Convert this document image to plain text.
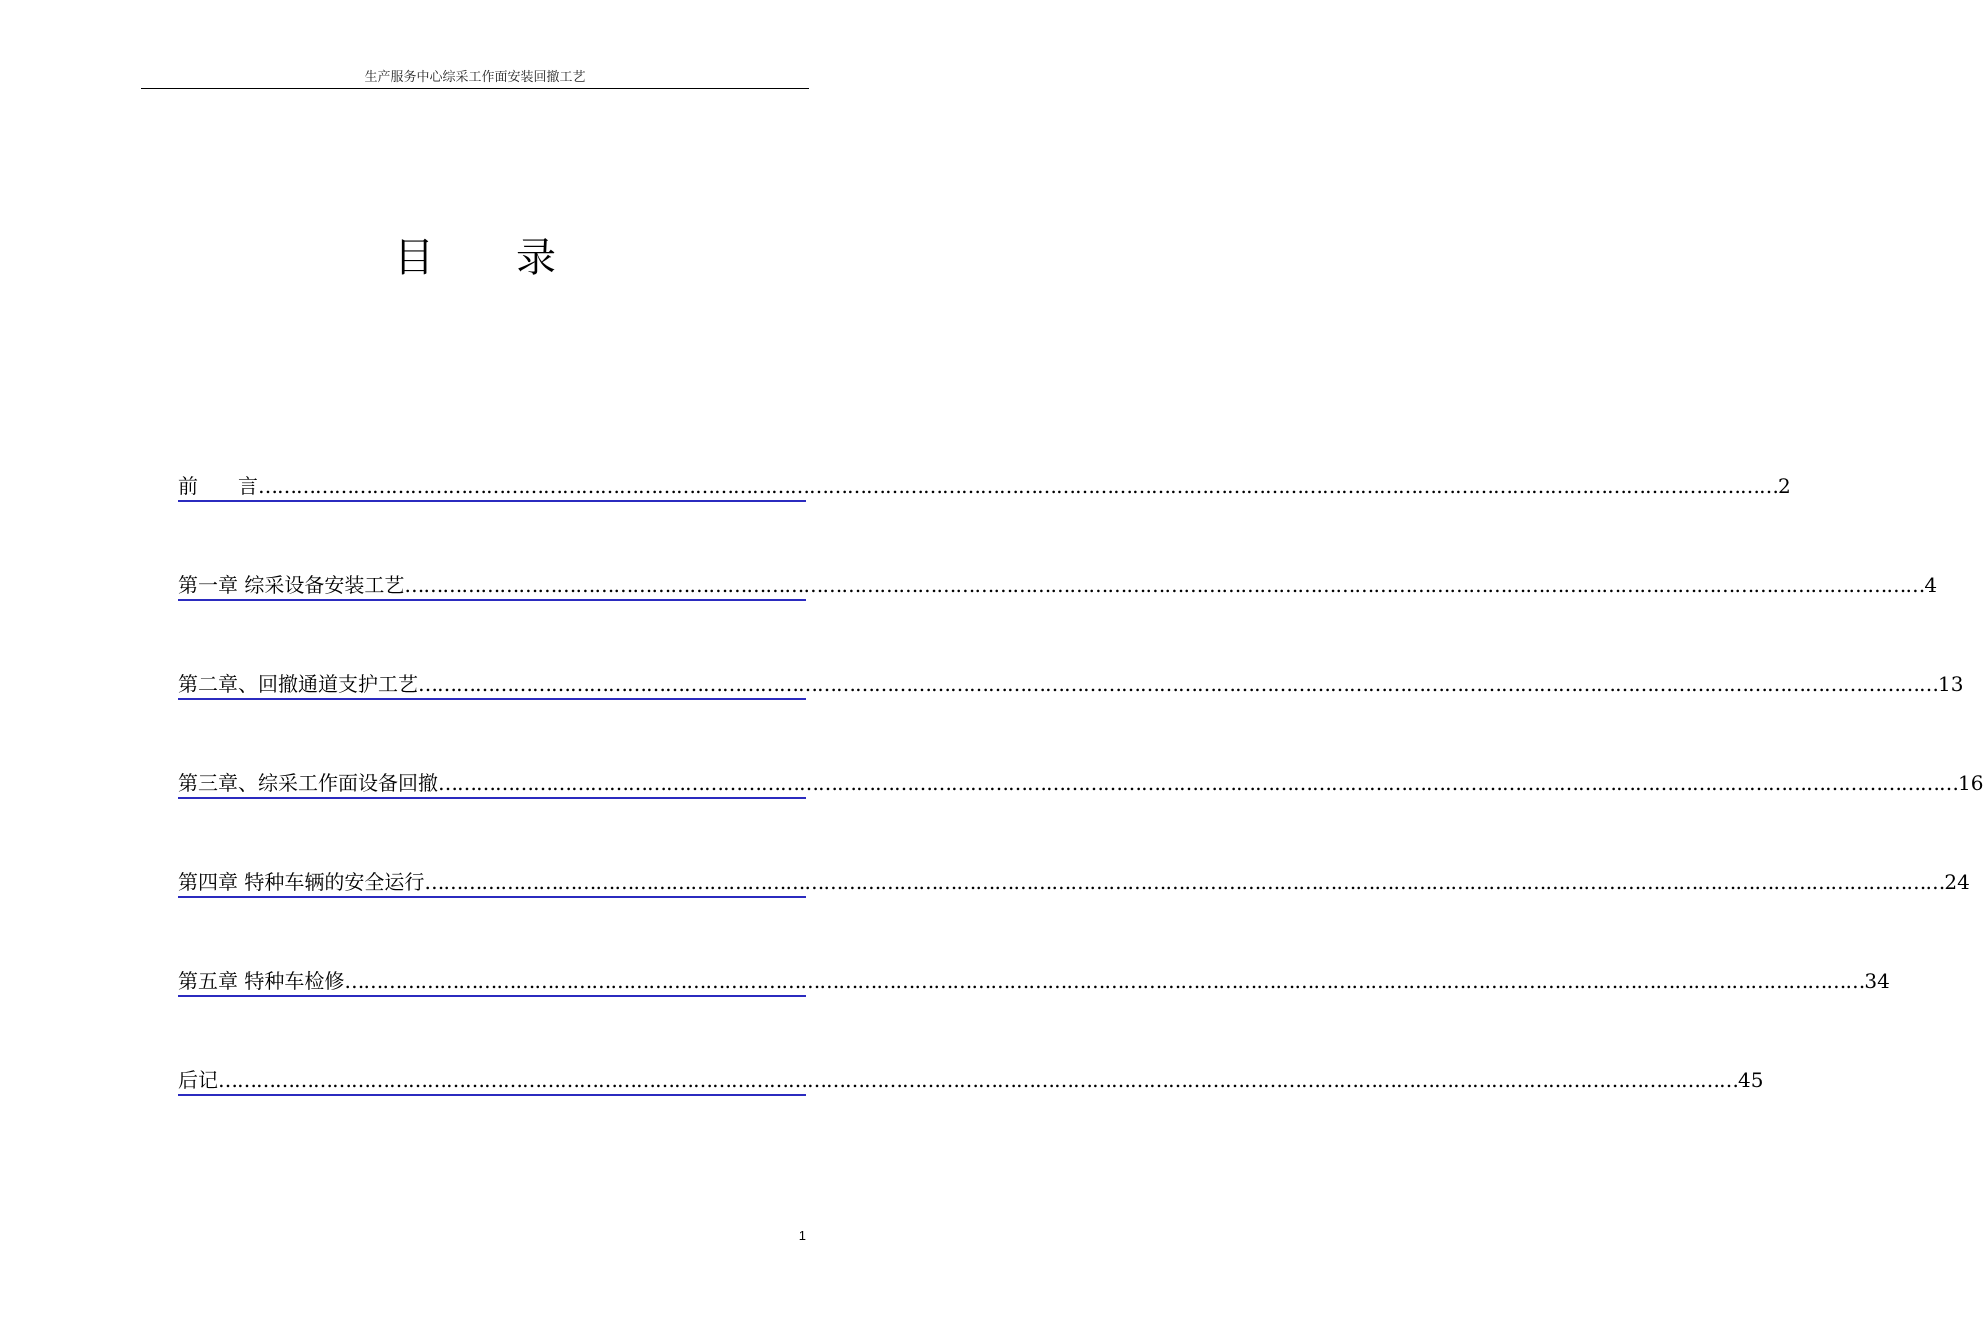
生产服务中心综采工作面安装回撤工艺
目 录
前　　言 …………………………………………………………………………………………………………………………………………………………………………………………………………………… 2
第一章 综采设备安装工艺 …………………………………………………………………………………………………………………………………………………………………………………………………………………… 4
第二章、回撤通道支护工艺 …………………………………………………………………………………………………………………………………………………………………………………………………………………… 13
第三章、综采工作面设备回撤 …………………………………………………………………………………………………………………………………………………………………………………………………………………… 16
第四章 特种车辆的安全运行 …………………………………………………………………………………………………………………………………………………………………………………………………………………… 24
第五章 特种车检修 …………………………………………………………………………………………………………………………………………………………………………………………………………………… 34
后记 …………………………………………………………………………………………………………………………………………………………………………………………………………………… 45
1
